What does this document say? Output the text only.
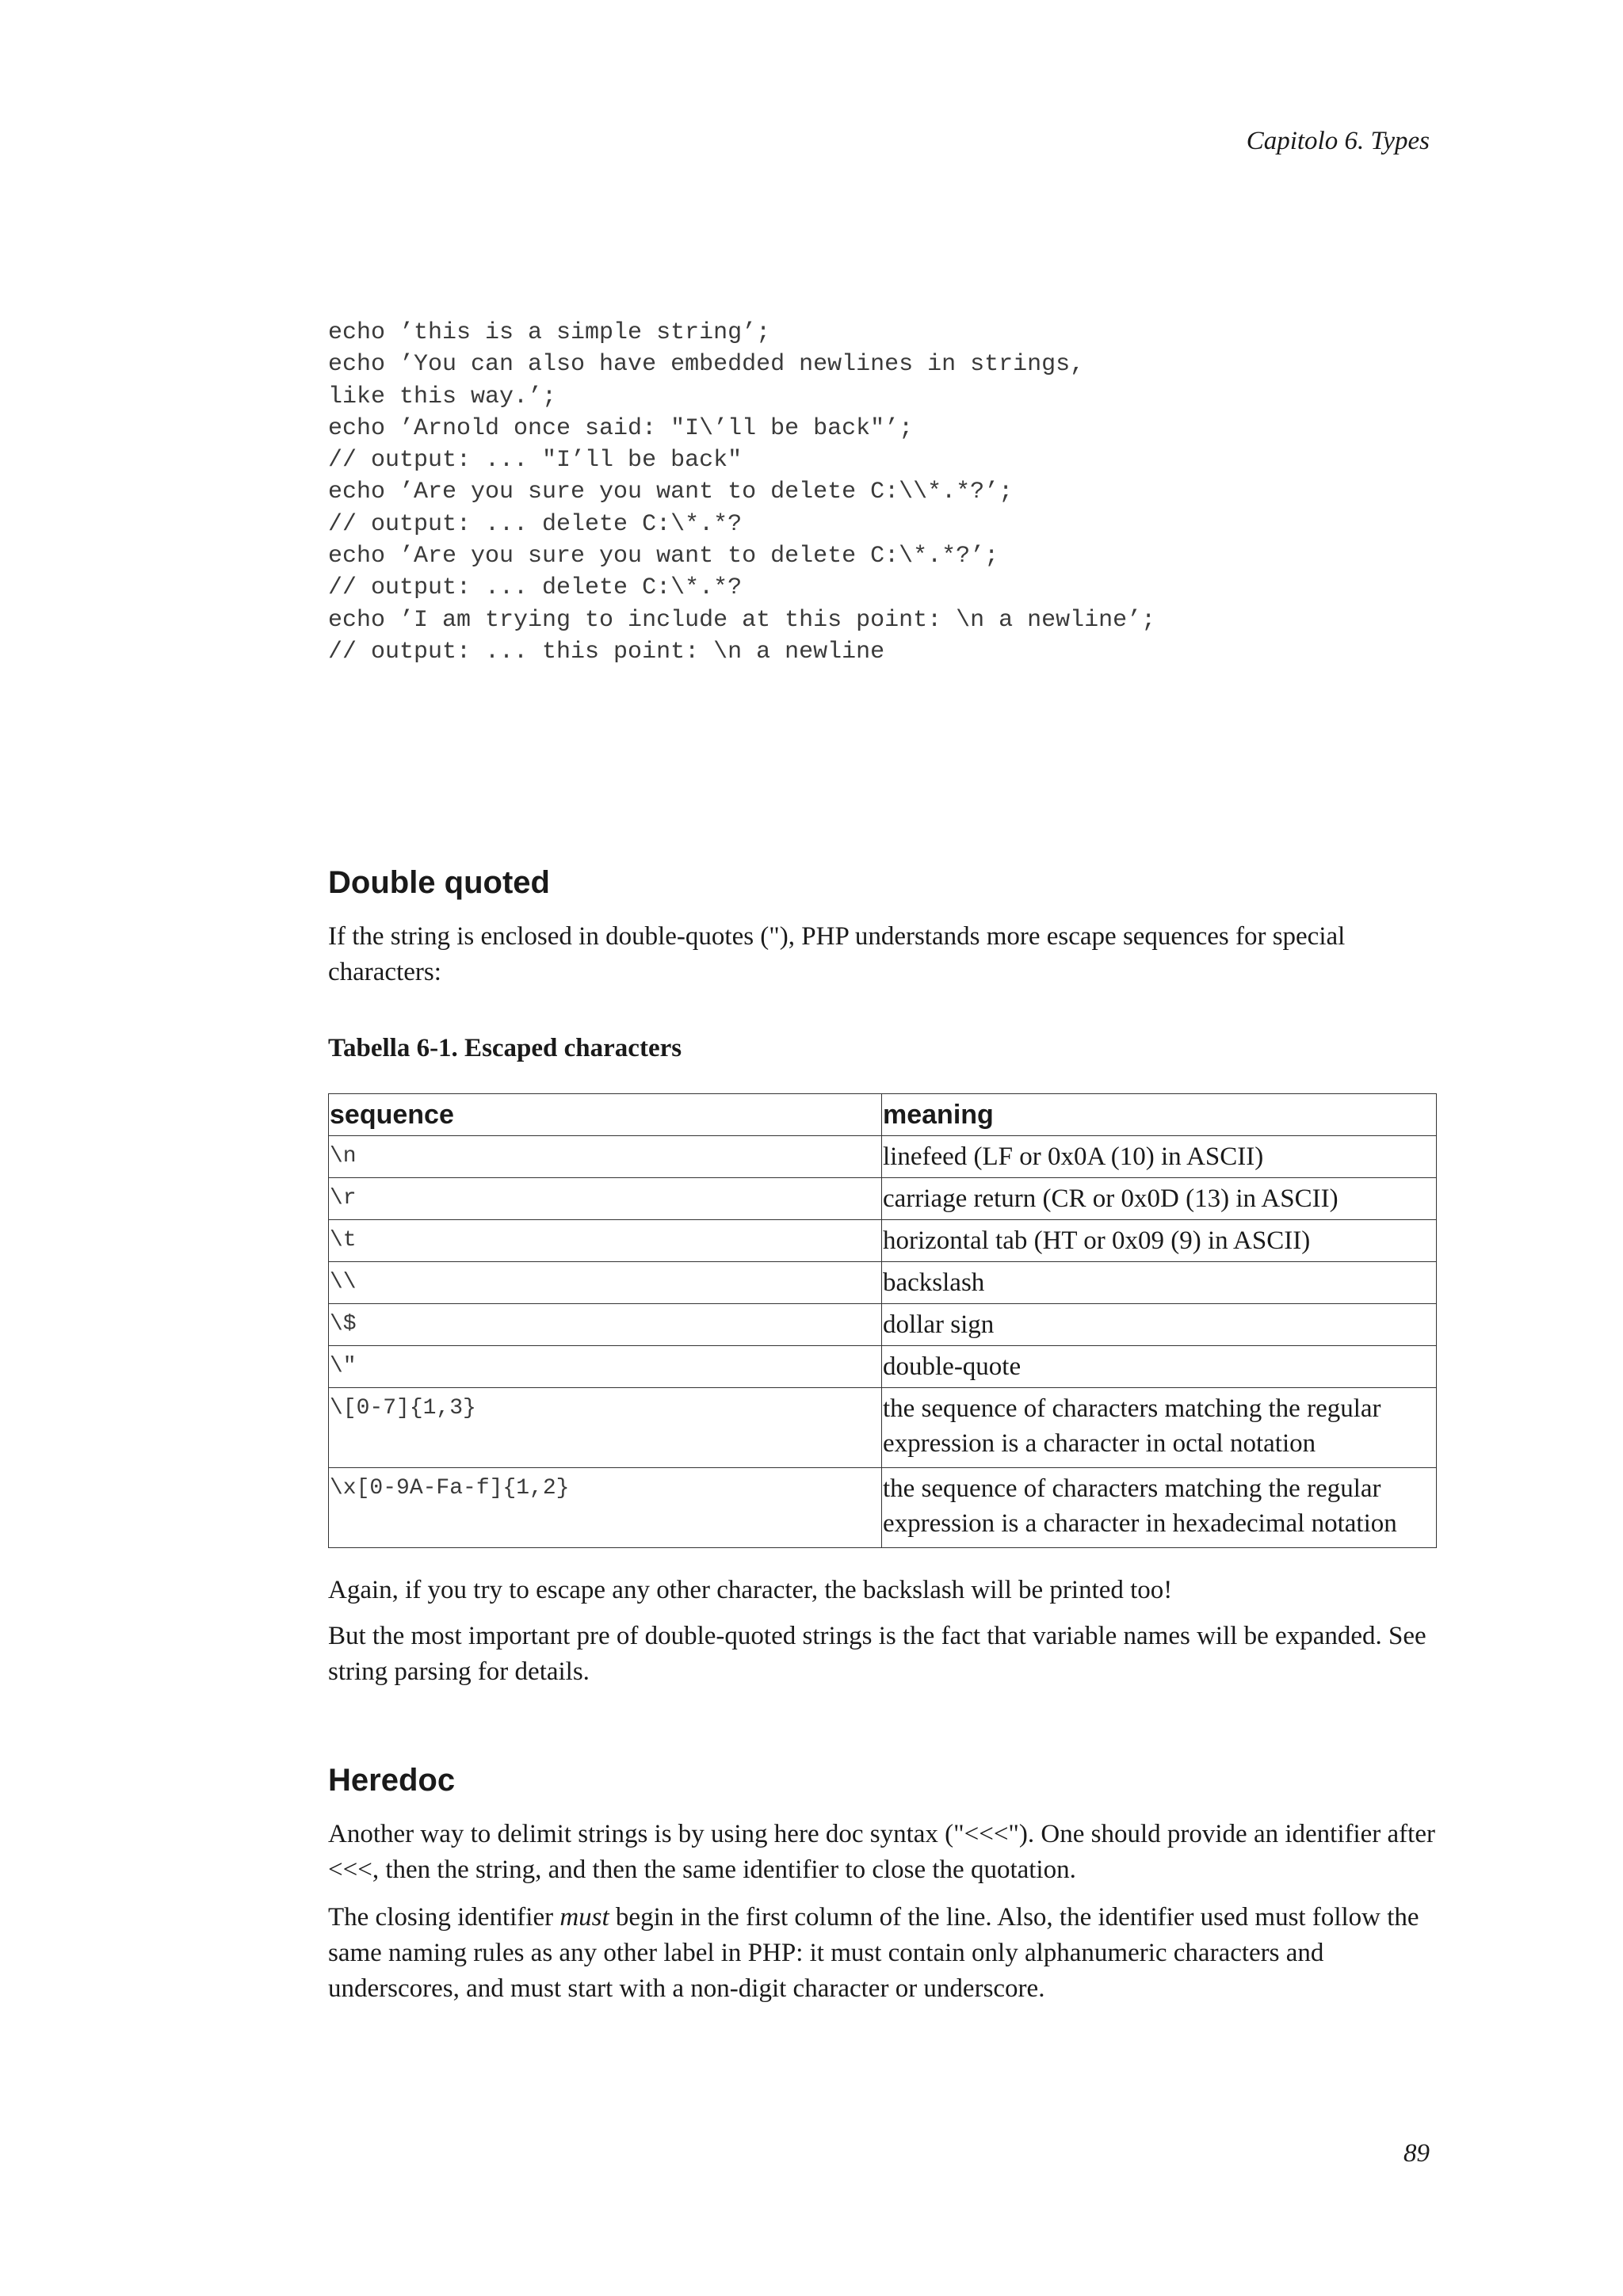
Capitolo 6. Types
echo ’this is a simple string’;
echo ’You can also have embedded newlines in strings,
like this way.’;
echo ’Arnold once said: "I\’ll be back"’;
// output: ... "I’ll be back"
echo ’Are you sure you want to delete C:\\*.*?’;
// output: ... delete C:\*.*?
echo ’Are you sure you want to delete C:\*.*?’;
// output: ... delete C:\*.*?
echo ’I am trying to include at this point: \n a newline’;
// output: ... this point: \n a newline
Double quoted

If the string is enclosed in double-quotes ("), PHP understands more escape sequences for special characters:

Tabella 6-1. Escaped characters
sequence	meaning
\n	linefeed (LF or 0x0A (10) in ASCII)
\r	carriage return (CR or 0x0D (13) in ASCII)
\t	horizontal tab (HT or 0x09 (9) in ASCII)
\\	backslash
\$	dollar sign
\"	double-quote
\[0-7]{1,3}	the sequence of characters matching the regular expression is a character in octal notation
\x[0-9A-Fa-f]{1,2}	the sequence of characters matching the regular expression is a character in hexadecimal notation

Again, if you try to escape any other character, the backslash will be printed too!

But the most important pre of double-quoted strings is the fact that variable names will be expanded. See string parsing for details.

Heredoc

Another way to delimit strings is by using here doc syntax ("<<<"). One should provide an identifier after <<<, then the string, and then the same identifier to close the quotation.

The closing identifier must begin in the first column of the line. Also, the identifier used must follow the same naming rules as any other label in PHP: it must contain only alphanumeric characters and underscores, and must start with a non-digit character or underscore.

89
